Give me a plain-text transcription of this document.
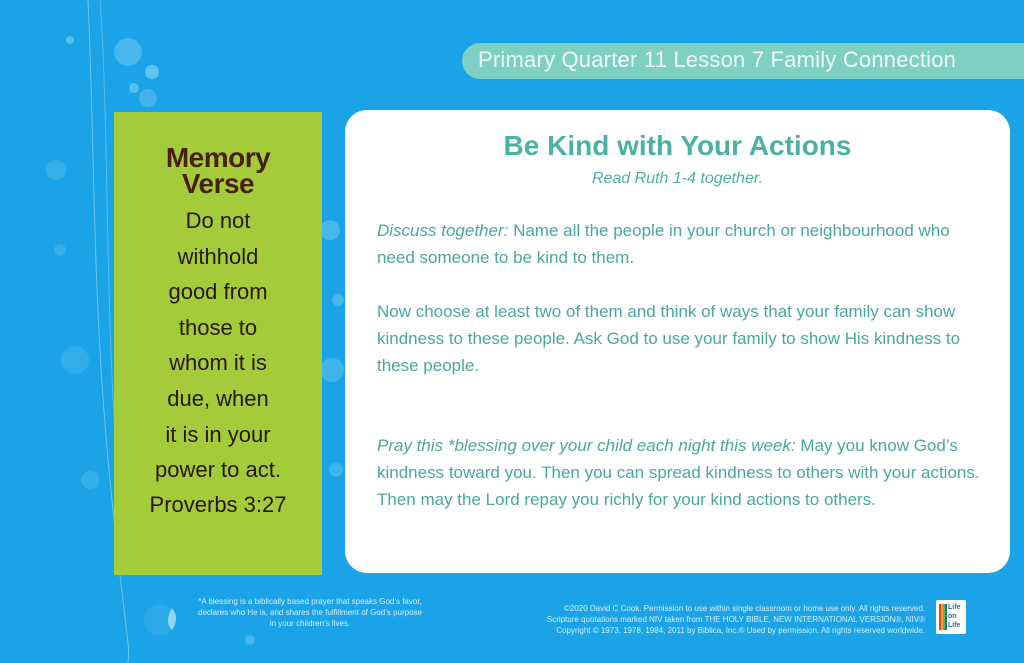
Primary Quarter 11 Lesson 7 Family Connection
Memory
Verse
Do not
withhold
good from
those to
whom it is
due, when
it is in your
power to act.
Proverbs 3:27
Be Kind with Your Actions
Read Ruth 1-4 together.
Discuss together: Name all the people in your church or neighbourhood who need someone to be kind to them.
Now choose at least two of them and think of ways that your family can show kindness to these people. Ask God to use your family to show His kindness to these people.
Pray this *blessing over your child each night this week: May you know God’s kindness toward you. Then you can spread kindness to others with your actions. Then may the Lord repay you richly for your kind actions to others.
*A blessing is a biblically based prayer that speaks God’s favor, declares who He is, and shares the fulfillment of God’s purpose in your children’s lives.
©2020 David C Cook. Permission to use within single classroom or home use only. All rights reserved.
Scripture quotations marked NIV taken from THE HOLY BIBLE, NEW INTERNATIONAL VERSION®, NIV®
Copyright © 1973, 1978, 1984, 2011 by Biblica, Inc.® Used by permission. All rights reserved worldwide.
Life
on
Life
